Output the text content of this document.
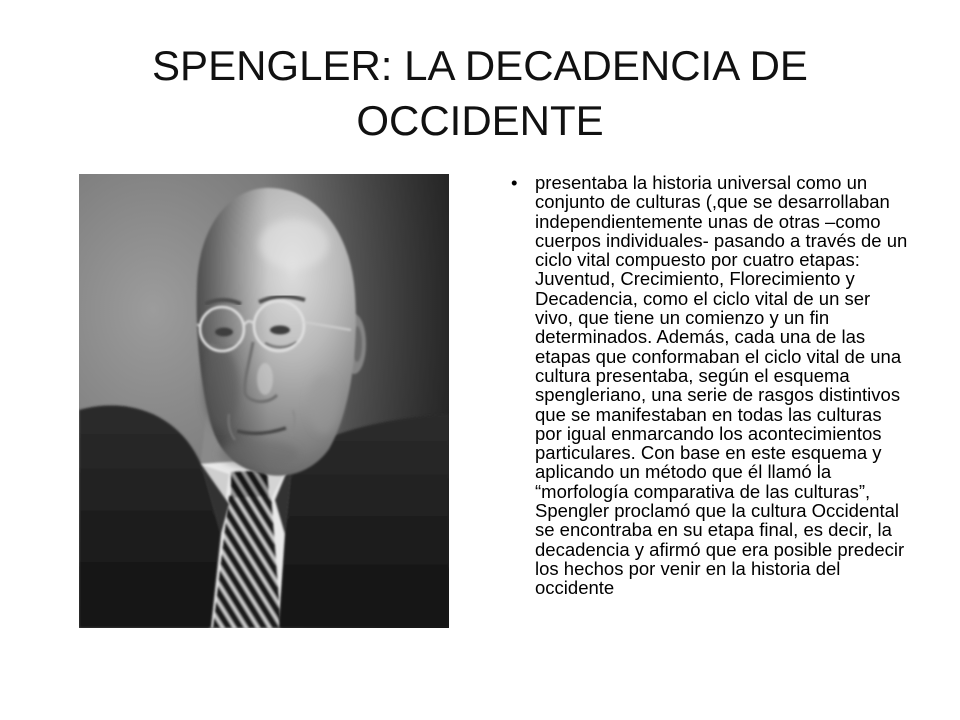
SPENGLER: LA DECADENCIA DE
OCCIDENTE
• presentaba la historia universal como un
conjunto de culturas (,que se desarrollaban
independientemente unas de otras –como
cuerpos individuales- pasando a través de un
ciclo vital compuesto por cuatro etapas:
Juventud, Crecimiento, Florecimiento y
Decadencia, como el ciclo vital de un ser
vivo, que tiene un comienzo y un fin
determinados. Además, cada una de las
etapas que conformaban el ciclo vital de una
cultura presentaba, según el esquema
spengleriano, una serie de rasgos distintivos
que se manifestaban en todas las culturas
por igual enmarcando los acontecimientos
particulares. Con base en este esquema y
aplicando un método que él llamó la
“morfología comparativa de las culturas”,
Spengler proclamó que la cultura Occidental
se encontraba en su etapa final, es decir, la
decadencia y afirmó que era posible predecir
los hechos por venir en la historia del
occidente
